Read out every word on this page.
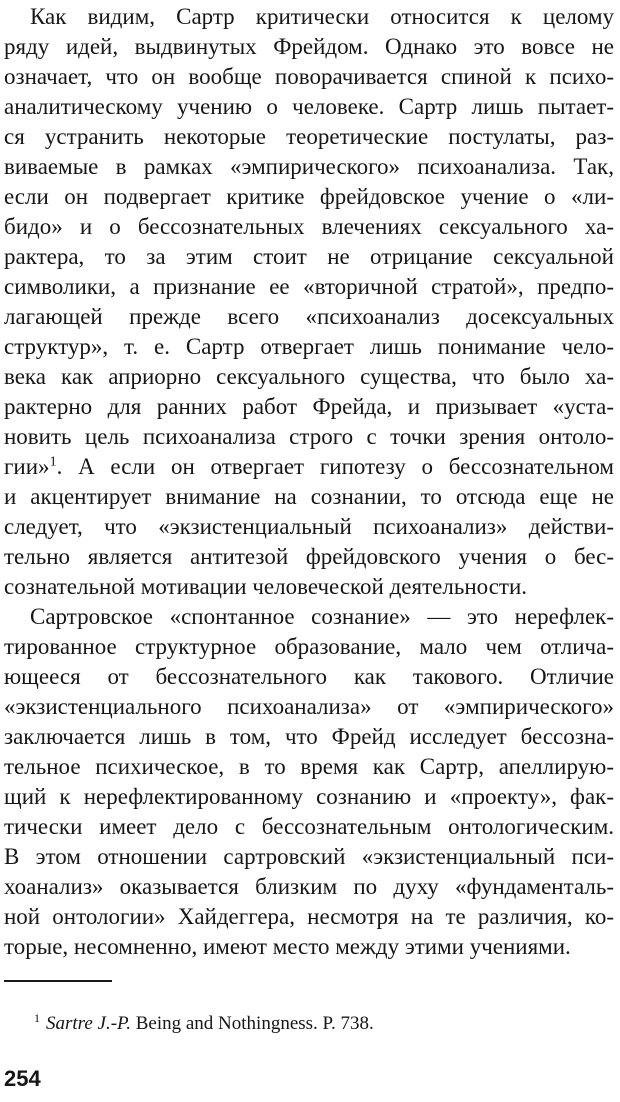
Как видим, Сартр критически относится к целому
ряду идей, выдвинутых Фрейдом. Однако это вовсе не
означает, что он вообще поворачивается спиной к психо-
аналитическому учению о человеке. Сартр лишь пытает-
ся устранить некоторые теоретические постулаты, раз-
виваемые в рамках «эмпирического» психоанализа. Так,
если он подвергает критике фрейдовское учение о «ли-
бидо» и о бессознательных влечениях сексуального ха-
рактера, то за этим стоит не отрицание сексуальной
символики, а признание ее «вторичной стратой», предпо-
лагающей прежде всего «психоанализ досексуальных
структур», т. е. Сартр отвергает лишь понимание чело-
века как априорно сексуального существа, что было ха-
рактерно для ранних работ Фрейда, и призывает «уста-
новить цель психоанализа строго с точки зрения онтоло-
гии»$^1$. А если он отвергает гипотезу о бессознательном
и акцентирует внимание на сознании, то отсюда еще не
следует, что «экзистенциальный психоанализ» действи-
тельно является антитезой фрейдовского учения о бес-
сознательной мотивации человеческой деятельности.
Сартровское «спонтанное сознание» — это нерефлек-
тированное структурное образование, мало чем отлича-
ющееся от бессознательного как такового. Отличие
«экзистенциального психоанализа» от «эмпирического»
заключается лишь в том, что Фрейд исследует бессозна-
тельное психическое, в то время как Сартр, апеллирую-
щий к нерефлектированному сознанию и «проекту», фак-
тически имеет дело с бессознательным онтологическим.
В этом отношении сартровский «экзистенциальный пси-
хоанализ» оказывается близким по духу «фундаменталь-
ной онтологии» Хайдеггера, несмотря на те различия, ко-
торые, несомненно, имеют место между этими учениями.
$^1$ Sartre J.-P. Being and Nothingness. P. 738.
254
